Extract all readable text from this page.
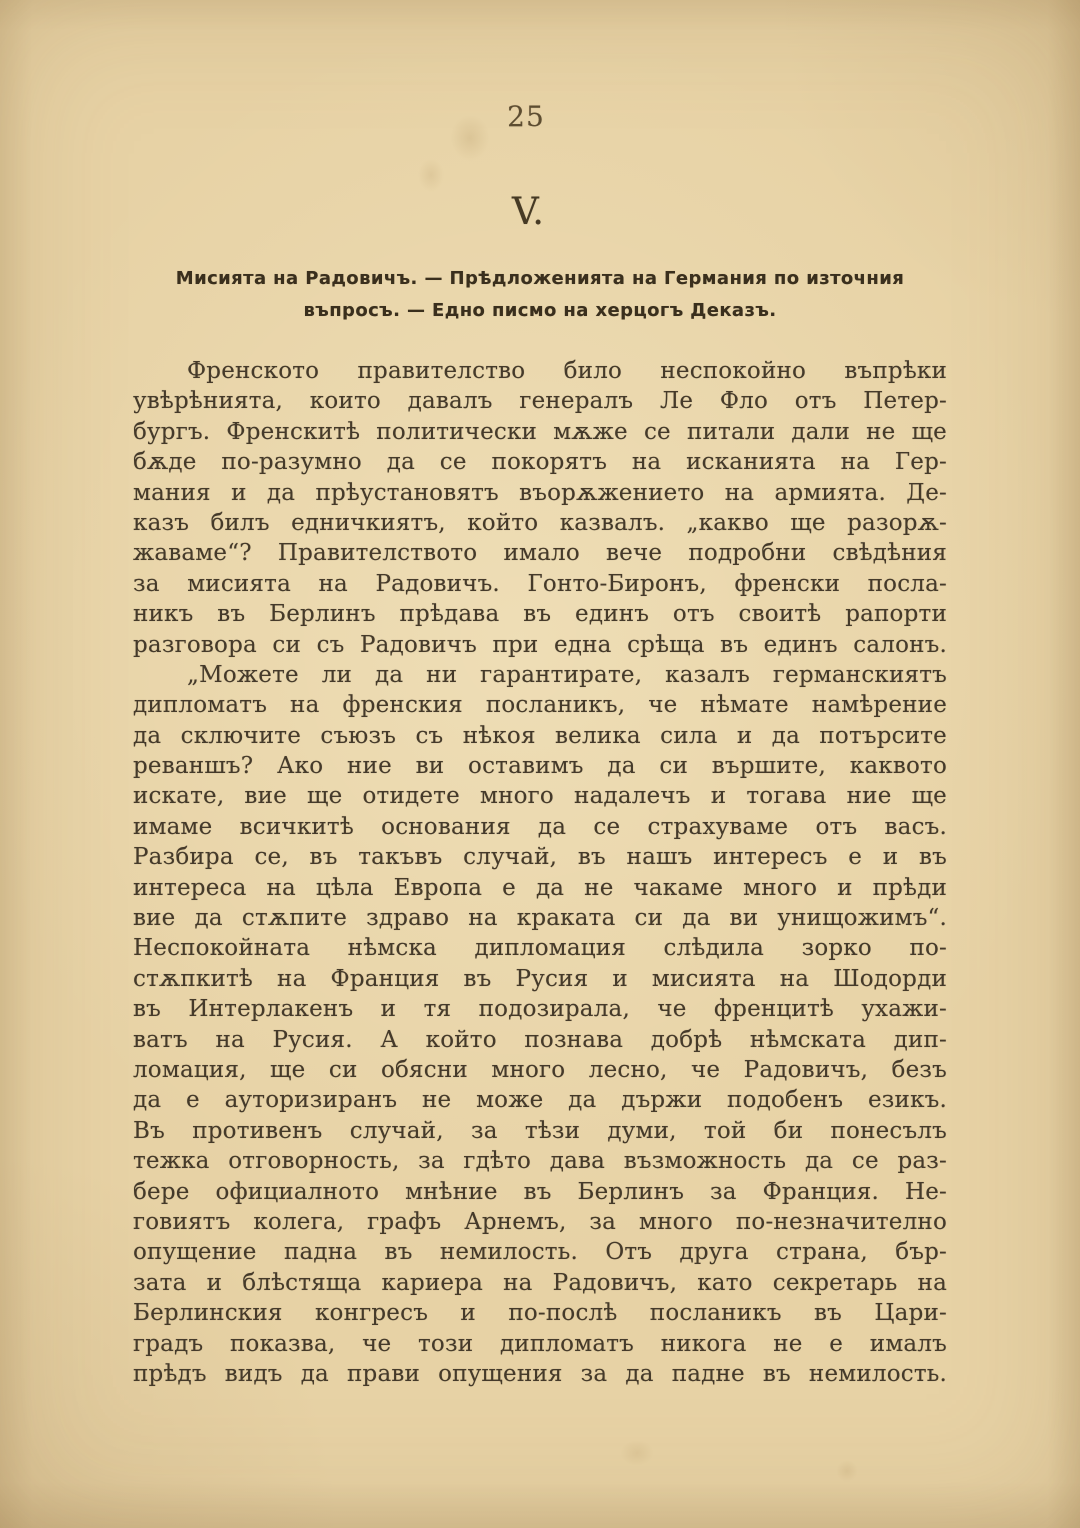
25
V.
Мисията на Радовичъ. — Прѣдложенията на Германия по източния
въпросъ. — Едно писмо на херцогъ Деказъ.
Френското правителство било неспокойно въпрѣки
увѣрѣнията, които давалъ генералъ Ле Фло отъ Петер-
бургъ. Френскитѣ политически мѫже се питали дали не ще
бѫде по-разумно да се покорятъ на исканията на Гер-
мания и да прѣустановятъ въорѫжението на армията. Де-
казъ билъ едничкиятъ, който казвалъ. „какво ще разорѫ-
жаваме“? Правителството имало вече подробни свѣдѣния
за мисията на Радовичъ. Гонто-Биронъ, френски посла-
никъ въ Берлинъ прѣдава въ единъ отъ своитѣ рапорти
разговора си съ Радовичъ при една срѣща въ единъ салонъ.
„Можете ли да ни гарантирате, казалъ германскиятъ
дипломатъ на френския посланикъ, че нѣмате намѣрение
да сключите съюзъ съ нѣкоя велика сила и да потърсите
реваншъ? Ако ние ви оставимъ да си вършите, каквото
искате, вие ще отидете много надалечъ и тогава ние ще
имаме всичкитѣ основания да се страхуваме отъ васъ.
Разбира се, въ такъвъ случай, въ нашъ интересъ е и въ
интереса на цѣла Европа е да не чакаме много и прѣди
вие да стѫпите здраво на краката си да ви унищожимъ“.
Неспокойната нѣмска дипломация слѣдила зорко по-
стѫпкитѣ на Франция въ Русия и мисията на Шодорди
въ Интерлакенъ и тя подозирала, че френцитѣ ухажи-
ватъ на Русия. А който познава добрѣ нѣмската дип-
ломация, ще си обясни много лесно, че Радовичъ, безъ
да е ауторизиранъ не може да държи подобенъ езикъ.
Въ противенъ случай, за тѣзи думи, той би понесълъ
тежка отговорность, за гдѣто дава възможность да се раз-
бере официалното мнѣние въ Берлинъ за Франция. Не-
говиятъ колега, графъ Арнемъ, за много по-незначително
опущение падна въ немилость. Отъ друга страна, бър-
зата и блѣстяща кариера на Радовичъ, като секретарь на
Берлинския конгресъ и по-послѣ посланикъ въ Цари-
градъ показва, че този дипломатъ никога не е ималъ
прѣдъ видъ да прави опущения за да падне въ немилость.
